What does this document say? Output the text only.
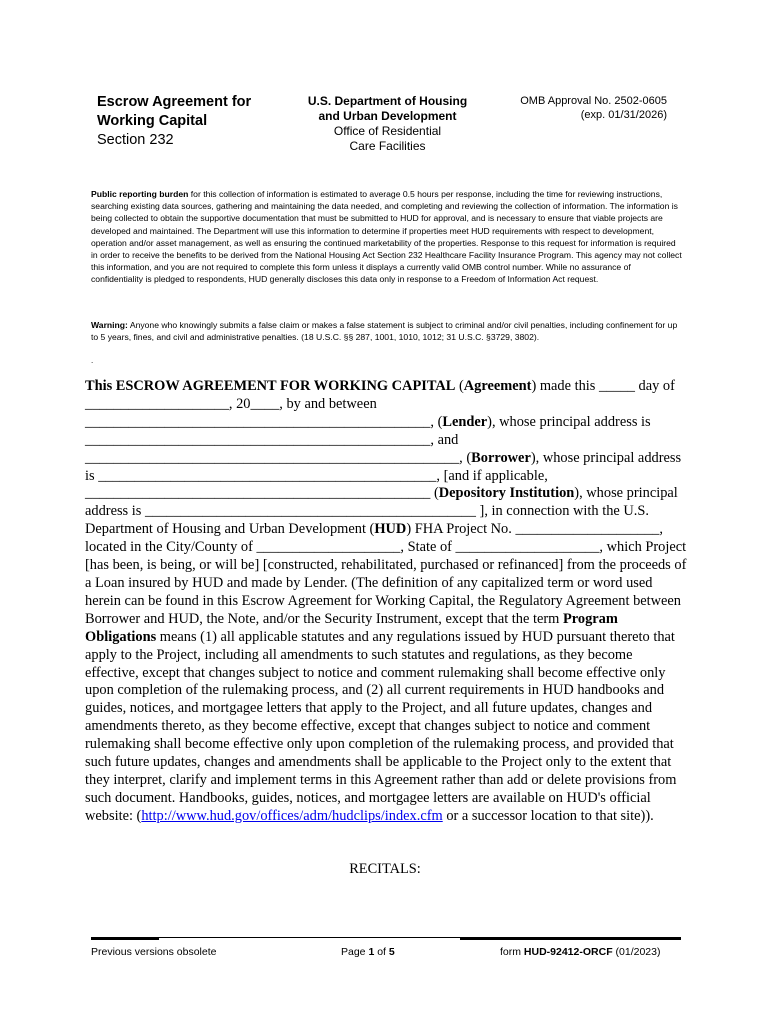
Escrow Agreement for
Working Capital
Section 232
U.S. Department of Housing
and Urban Development
Office of Residential
Care Facilities
OMB Approval No. 2502-0605
(exp. 01/31/2026)
Public reporting burden for this collection of information is estimated to average 0.5 hours per response, including the time for reviewing instructions, searching existing data sources, gathering and maintaining the data needed, and completing and reviewing the collection of information. The information is being collected to obtain the supportive documentation that must be submitted to HUD for approval, and is necessary to ensure that viable projects are developed and maintained. The Department will use this information to determine if properties meet HUD requirements with respect to development, operation and/or asset management, as well as ensuring the continued marketability of the properties. Response to this request for information is required in order to receive the benefits to be derived from the National Housing Act Section 232 Healthcare Facility Insurance Program. This agency may not collect this information, and you are not required to complete this form unless it displays a currently valid OMB control number. While no assurance of confidentiality is pledged to respondents, HUD generally discloses this data only in response to a Freedom of Information Act request.
Warning: Anyone who knowingly submits a false claim or makes a false statement is subject to criminal and/or civil penalties, including confinement for up to 5 years, fines, and civil and administrative penalties. (18 U.S.C. §§ 287, 1001, 1010, 1012; 31 U.S.C. §3729, 3802).
.

This ESCROW AGREEMENT FOR WORKING CAPITAL (Agreement) made this _____ day of ____________________, 20____, by and between ________________________________________________, (Lender), whose principal address is ________________________________________________, and ____________________________________________________, (Borrower), whose principal address is _______________________________________________, [and if applicable, ________________________________________________ (Depository Institution), whose principal address is ______________________________________________ ], in connection with the U.S. Department of Housing and Urban Development (HUD) FHA Project No. ____________________, located in the City/County of ____________________, State of ____________________, which Project [has been, is being, or will be] [constructed, rehabilitated, purchased or refinanced] from the proceeds of a Loan insured by HUD and made by Lender. (The definition of any capitalized term or word used herein can be found in this Escrow Agreement for Working Capital, the Regulatory Agreement between Borrower and HUD, the Note, and/or the Security Instrument, except that the term Program Obligations means (1) all applicable statutes and any regulations issued by HUD pursuant thereto that apply to the Project, including all amendments to such statutes and regulations, as they become effective, except that changes subject to notice and comment rulemaking shall become effective only upon completion of the rulemaking process, and (2) all current requirements in HUD handbooks and guides, notices, and mortgagee letters that apply to the Project, and all future updates, changes and amendments thereto, as they become effective, except that changes subject to notice and comment rulemaking shall become effective only upon completion of the rulemaking process, and provided that such future updates, changes and amendments shall be applicable to the Project only to the extent that they interpret, clarify and implement terms in this Agreement rather than add or delete provisions from such document. Handbooks, guides, notices, and mortgagee letters are available on HUD's official website: (http://www.hud.gov/offices/adm/hudclips/index.cfm or a successor location to that site)).

RECITALS:
Previous versions obsolete	Page 1 of 5	form HUD-92412-ORCF (01/2023)
